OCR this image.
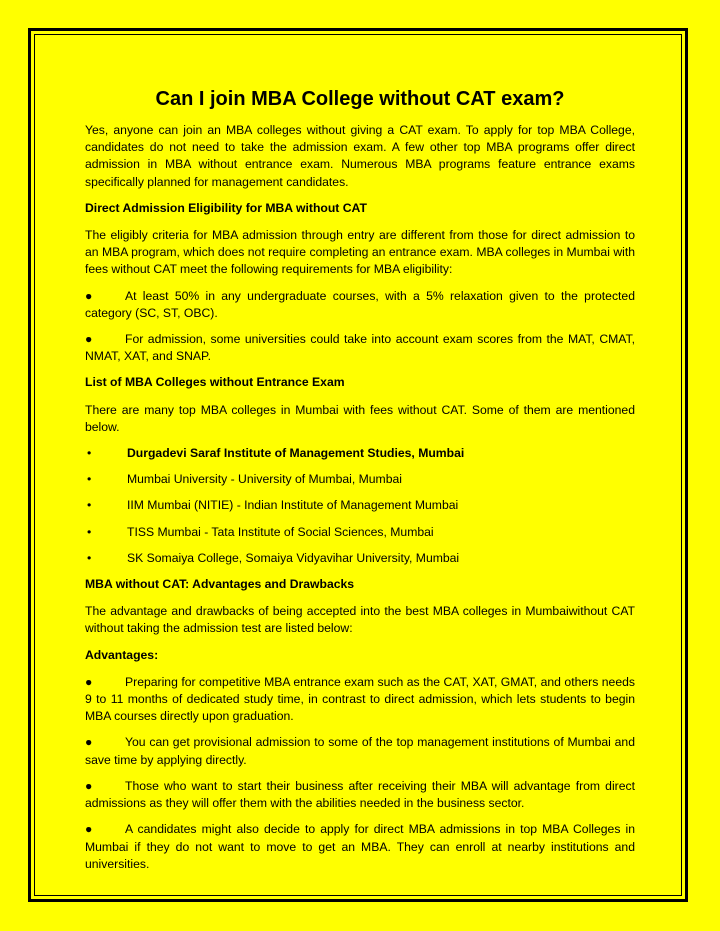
Can I join MBA College without CAT exam?

Yes, anyone can join an MBA colleges without giving a CAT exam. To apply for top MBA College, candidates do not need to take the admission exam. A few other top MBA programs offer direct admission in MBA without entrance exam. Numerous MBA programs feature entrance exams specifically planned for management candidates.

Direct Admission Eligibility for MBA without CAT

The eligibly criteria for MBA admission through entry are different from those for direct admission to an MBA program, which does not require completing an entrance exam. MBA colleges in Mumbai with fees without CAT meet the following requirements for MBA eligibility:

●	At least 50% in any undergraduate courses, with a 5% relaxation given to the protected category (SC, ST, OBC).

●	For admission, some universities could take into account exam scores from the MAT, CMAT, NMAT, XAT, and SNAP.

List of MBA Colleges without Entrance Exam

There are many top MBA colleges in Mumbai with fees without CAT. Some of them are mentioned below.

•	Durgadevi Saraf Institute of Management Studies, Mumbai
•	Mumbai University - University of Mumbai, Mumbai
•	IIM Mumbai (NITIE) - Indian Institute of Management Mumbai
•	TISS Mumbai - Tata Institute of Social Sciences, Mumbai
•	SK Somaiya College, Somaiya Vidyavihar University, Mumbai
MBA without CAT: Advantages and Drawbacks

The advantage and drawbacks of being accepted into the best MBA colleges in Mumbaiwithout CAT without taking the admission test are listed below:

Advantages:

●	Preparing for competitive MBA entrance exam such as the CAT, XAT, GMAT, and others needs 9 to 11 months of dedicated study time, in contrast to direct admission, which lets students to begin MBA courses directly upon graduation.

●	You can get provisional admission to some of the top management institutions of Mumbai and save time by applying directly.

●	Those who want to start their business after receiving their MBA will advantage from direct admissions as they will offer them with the abilities needed in the business sector.

●	A candidates might also decide to apply for direct MBA admissions in top MBA Colleges in Mumbai if they do not want to move to get an MBA. They can enroll at nearby institutions and universities.
